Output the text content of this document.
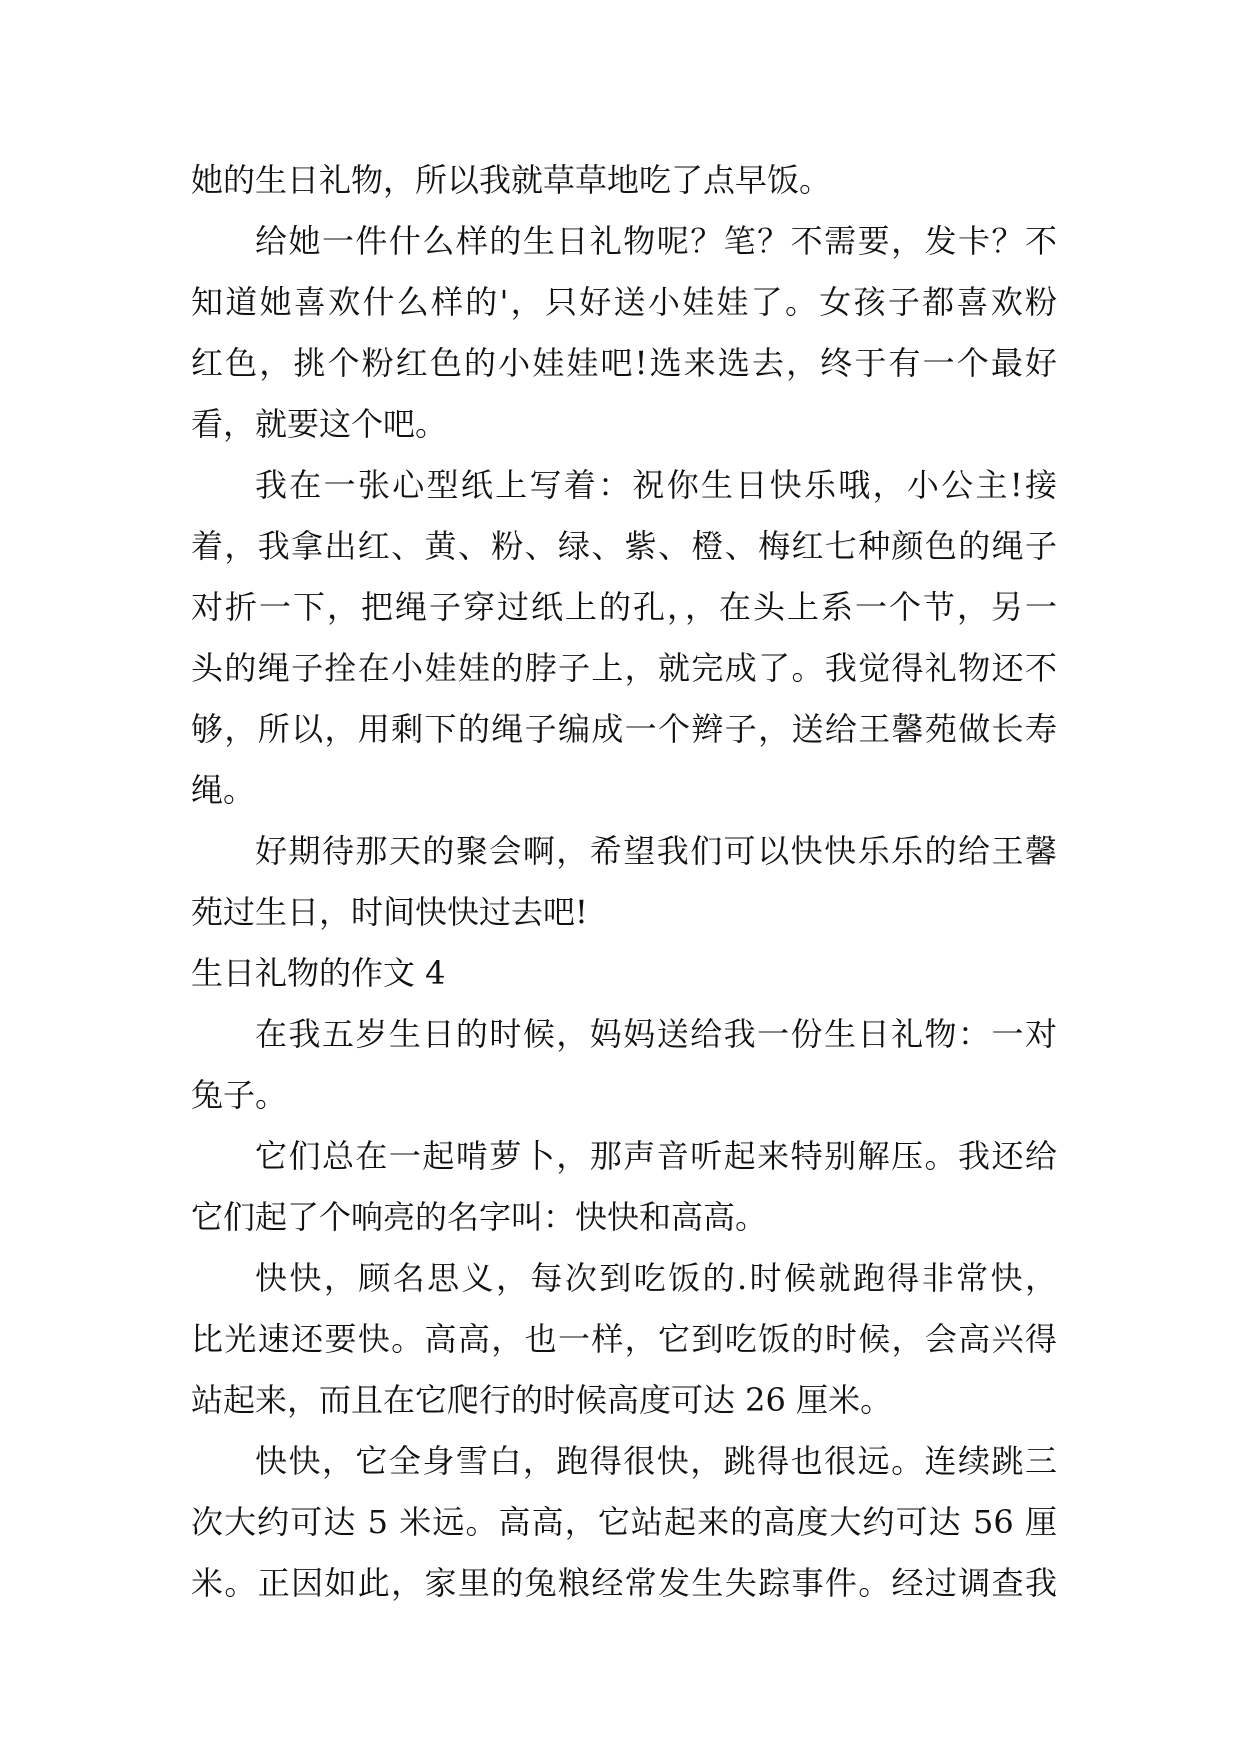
她的生日礼物，所以我就草草地吃了点早饭。
给她一件什么样的生日礼物呢？笔？不需要，发卡？不
知道她喜欢什么样的'，只好送小娃娃了。女孩子都喜欢粉
红色，挑个粉红色的小娃娃吧!选来选去，终于有一个最好
看，就要这个吧。
我在一张心型纸上写着：祝你生日快乐哦，小公主!接
着，我拿出红、黄、粉、绿、紫、橙、梅红七种颜色的绳子
对折一下，把绳子穿过纸上的孔，，在头上系一个节，另一
头的绳子拴在小娃娃的脖子上，就完成了。我觉得礼物还不
够，所以，用剩下的绳子编成一个辫子，送给王馨苑做长寿
绳。
好期待那天的聚会啊，希望我们可以快快乐乐的给王馨
苑过生日，时间快快过去吧!
生日礼物的作文 4
在我五岁生日的时候，妈妈送给我一份生日礼物：一对
兔子。
它们总在一起啃萝卜，那声音听起来特别解压。我还给
它们起了个响亮的名字叫：快快和高高。
快快，顾名思义，每次到吃饭的.时候就跑得非常快，
比光速还要快。高高，也一样，它到吃饭的时候，会高兴得
站起来，而且在它爬行的时候高度可达 26 厘米。
快快，它全身雪白，跑得很快，跳得也很远。连续跳三
次大约可达 5 米远。高高，它站起来的高度大约可达 56 厘
米。正因如此，家里的兔粮经常发生失踪事件。经过调查我
